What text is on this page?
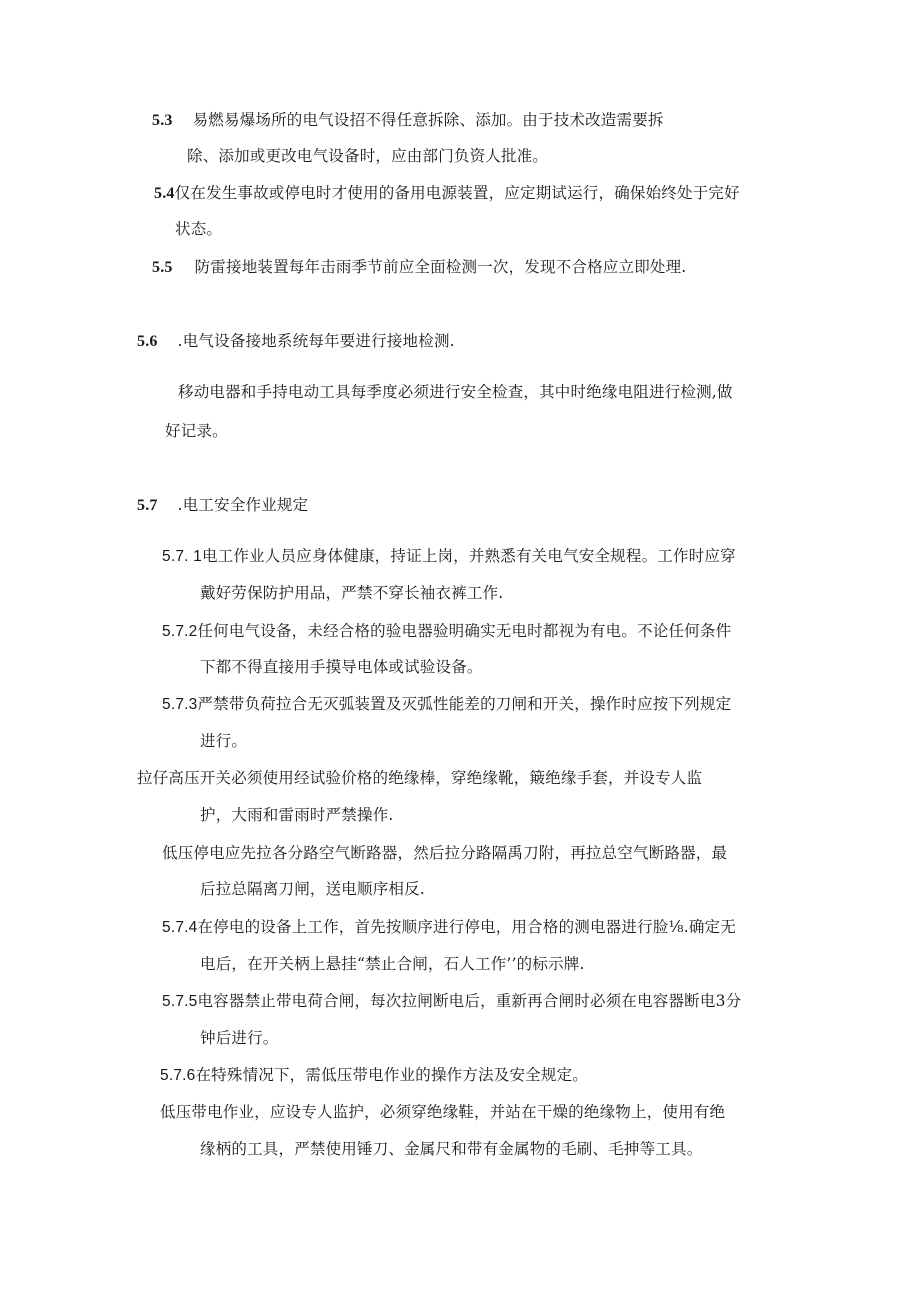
5.3 易燃易爆场所的电气设招不得任意拆除、添加。由于技术改造需要拆
除、添加或更改电气设备时，应由部门负资人批准。
5.4仅在发生事故或停电时才使用的备用电源装置，应定期试运行，确保始终处于完好
状态。
5.5 防雷接地装置每年击雨季节前应全面检测一次，发现不合格应立即处理.
5.6 .电气设备接地系统每年要进行接地检测.
移动电器和手持电动工具每季度必须进行安全检查，其中时绝缘电阻进行检测,做
好记录。
5.7 .电工安全作业规定
5.7. 1电工作业人员应身体健康，持证上岗，并熟悉有关电气安全规程。工作时应穿
戴好劳保防护用品，严禁不穿长袖衣裤工作.
5.7.2任何电气设备，未经合格的验电器验明确实无电时都视为有电。不论任何条件
下都不得直接用手摸导电体或试验设备。
5.7.3严禁带负荷拉合无灭弧装置及灭弧性能差的刀闸和开关，操作时应按下列规定
进行。
拉仔高压开关必须使用经试验价格的绝缘棒，穿绝缘靴，簸绝缘手套，并设专人监
护，大雨和雷雨时严禁操作.
低压停电应先拉各分路空气断路器，然后拉分路隔禹刀附，再拉总空气断路器，最
后拉总隔离刀闸，送电顺序相反.
5.7.4在停电的设备上工作，首先按顺序进行停电，用合格的测电器进行脸⅛.确定无
电后，在开关柄上悬挂“禁止合闸，石人工作’’的标示牌.
5.7.5电容器禁止带电荷合闸，每次拉闸断电后，重新再合闸时必须在电容器断电3分
钟后进行。
5.7.6在特殊情况下，需低压带电作业的操作方法及安全规定。
低压带电作业，应设专人监护，必须穿绝缘鞋，并站在干燥的绝缘物上，使用有绝
缘柄的工具，严禁使用锤刀、金属尺和带有金属物的毛刷、毛抻等工具。
